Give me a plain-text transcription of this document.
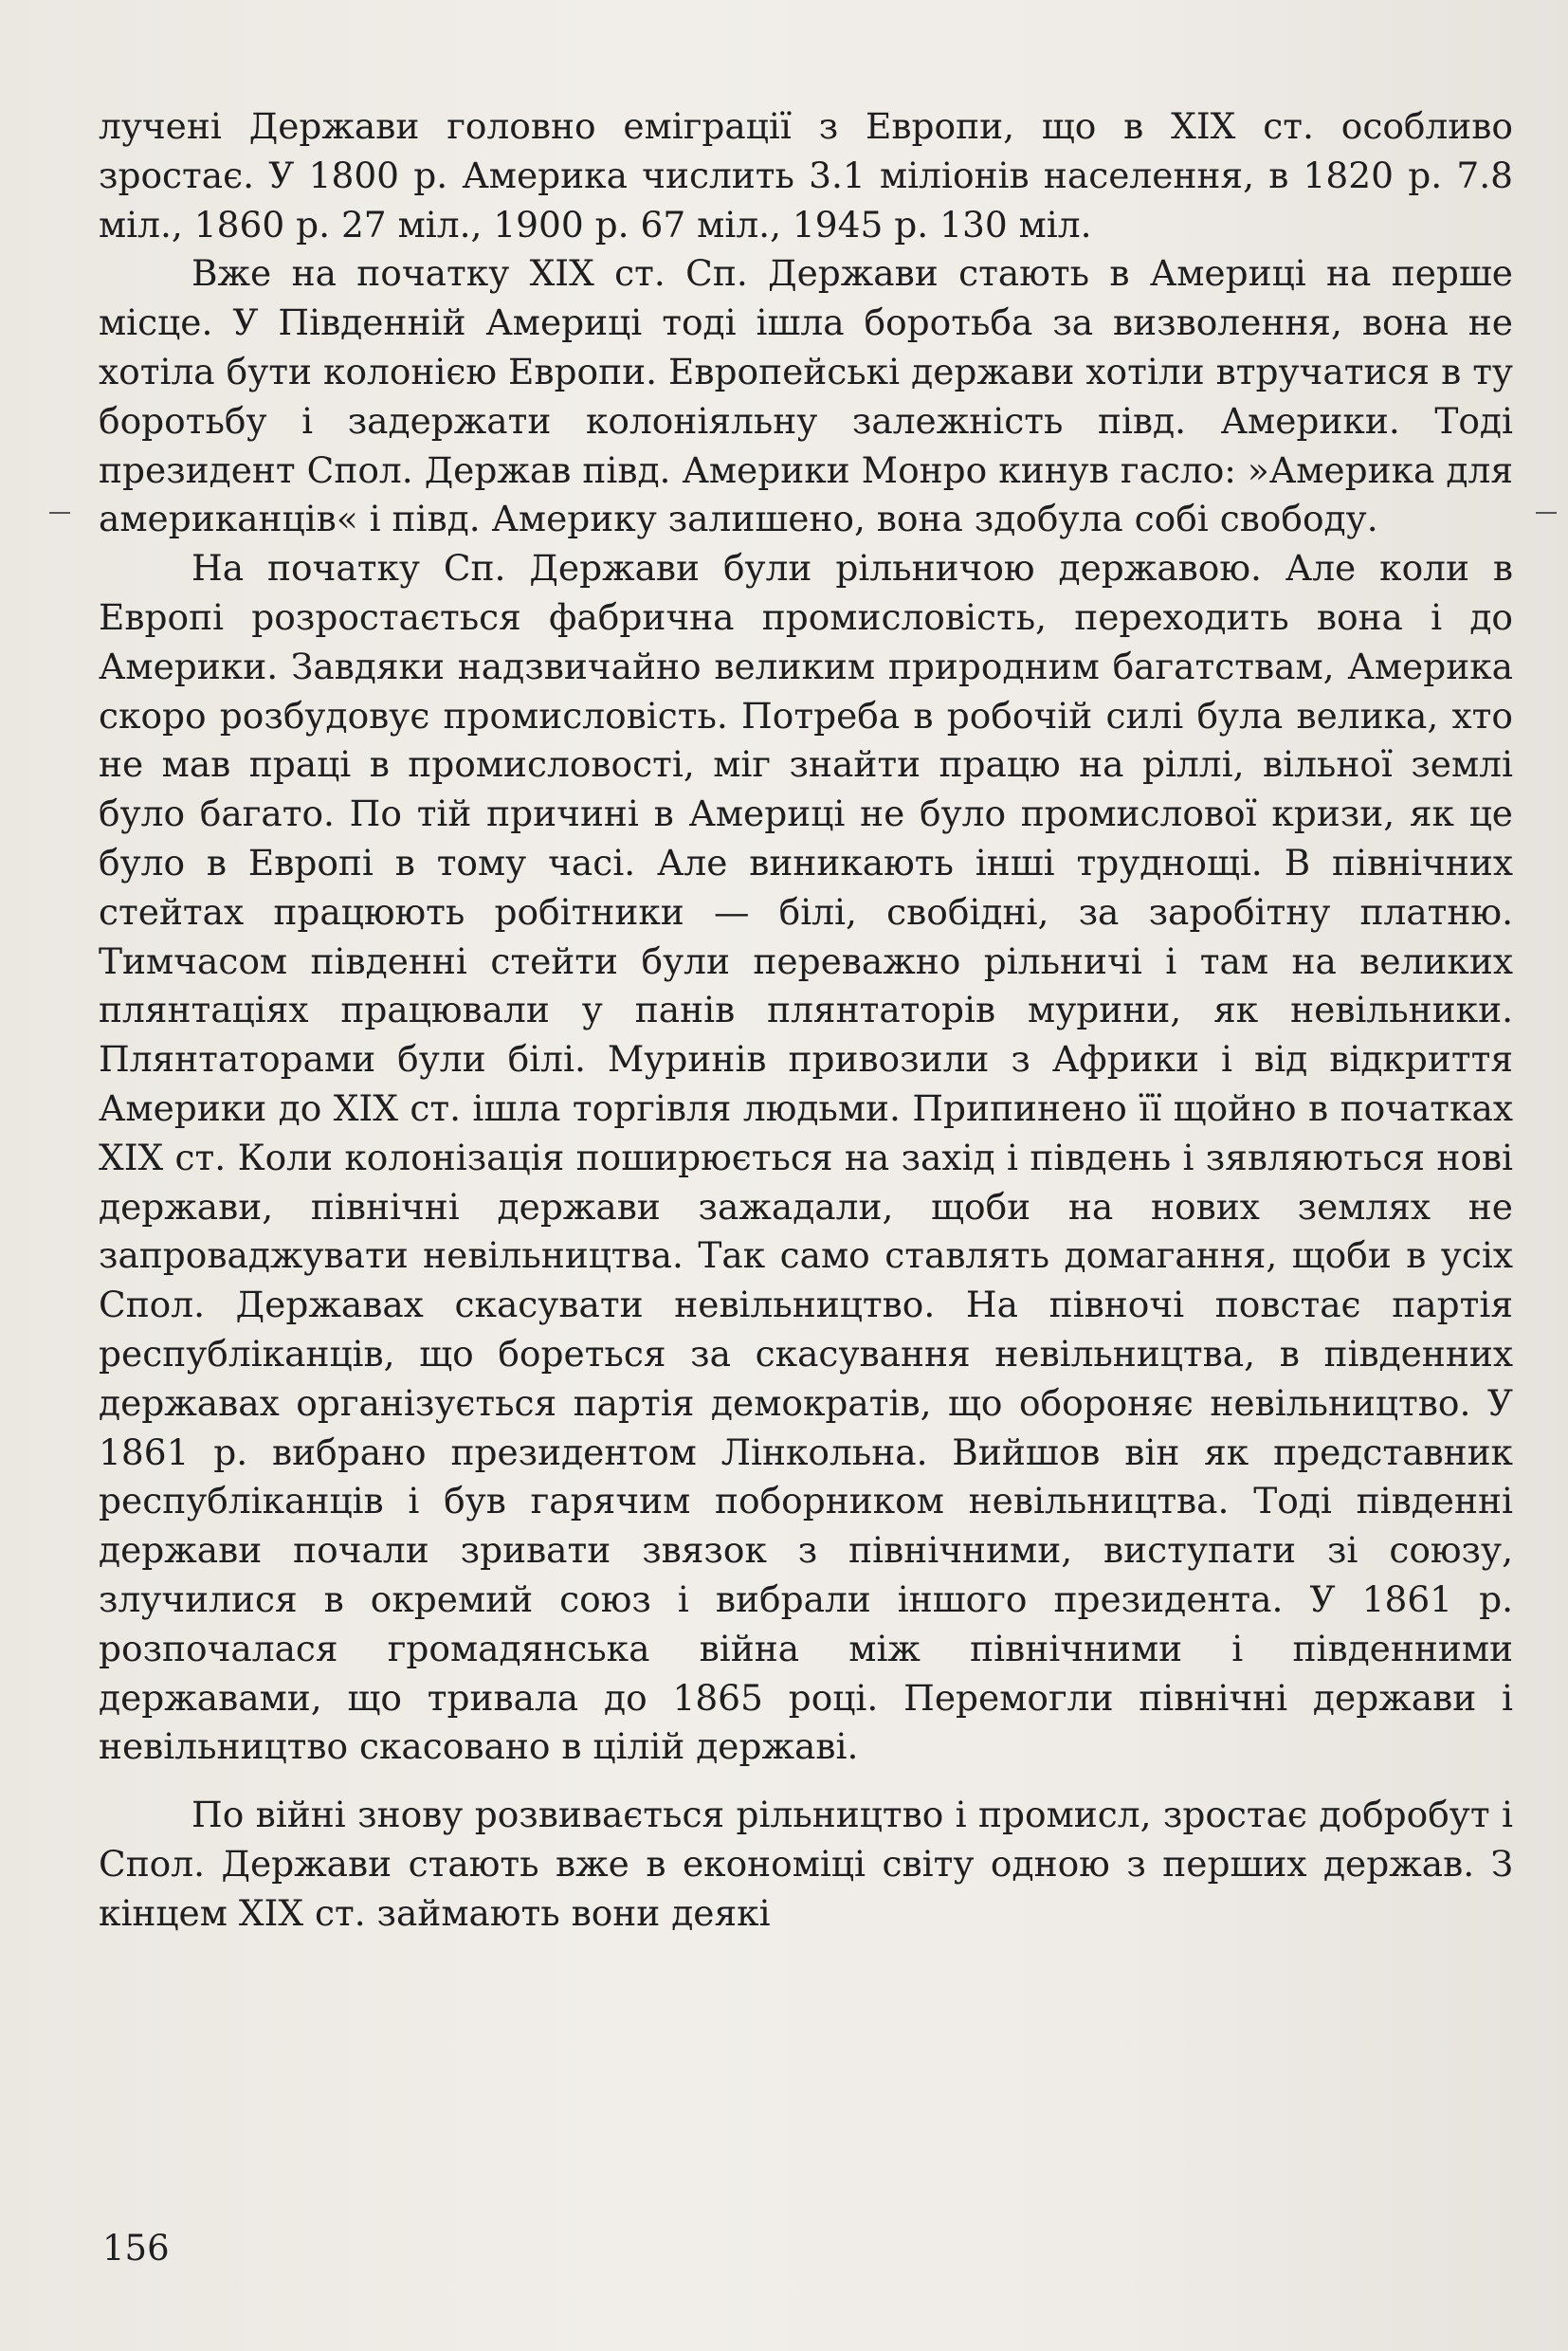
лучені Держави головно еміграції з Европи, що в XIX ст. особливо зростає. У 1800 р. Америка числить 3.1 міліонів населення, в 1820 р. 7.8 міл., 1860 р. 27 міл., 1900 р. 67 міл., 1945 р. 130 міл.

Вже на початку XIX ст. Сп. Держави стають в Америці на перше місце. У Південній Америці тоді ішла боротьба за визволення, вона не хотіла бути колонією Европи. Европейські держави хотіли втручатися в ту боротьбу і задержати колоніяльну залежність півд. Америки. Тоді президент Спол. Держав півд. Америки Монро кинув гасло: »Америка для американців« і півд. Америку залишено, вона здобула собі свободу.

На початку Сп. Держави були рільничою державою. Але коли в Европі розростається фабрична промисловість, переходить вона і до Америки. Завдяки надзвичайно великим природним багатствам, Америка скоро розбудовує промисловість. Потреба в робочій силі була велика, хто не мав праці в промисловості, міг знайти працю на ріллі, вільної землі було багато. По тій причині в Америці не було промислової кризи, як це було в Европі в тому часі. Але виникають інші труднощі. В північних стейтах працюють робітники — білі, свобідні, за заробітну платню. Тимчасом південні стейти були переважно рільничі і там на великих плянтаціях працювали у панів плянтаторів мурини, як невільники. Плянтаторами були білі. Муринів привозили з Африки і від відкриття Америки до XIX ст. ішла торгівля людьми. Припинено її щойно в початках XIX ст. Коли колонізація поширюється на захід і південь і зявляються нові держави, північні держави зажадали, щоби на нових землях не запроваджувати невільництва. Так само ставлять домагання, щоби в усіх Спол. Державах скасувати невільництво. На півночі повстає партія республіканців, що бореться за скасування невільництва, в південних державах організується партія демократів, що обороняє невільництво. У 1861 р. вибрано президентом Лінкольна. Вийшов він як представник республіканців і був гарячим поборником невільництва. Тоді південні держави почали зривати звязок з північними, виступати зі союзу, злучилися в окремий союз і вибрали іншого президента. У 1861 р. розпочалася громадянська війна між північними і південними державами, що тривала до 1865 році. Перемогли північні держави і невільництво скасовано в цілій державі.

По війні знову розвивається рільництво і промисл, зростає добробут і Спол. Держави стають вже в економіці світу одною з перших держав. З кінцем XIX ст. займають вони деякі

156
